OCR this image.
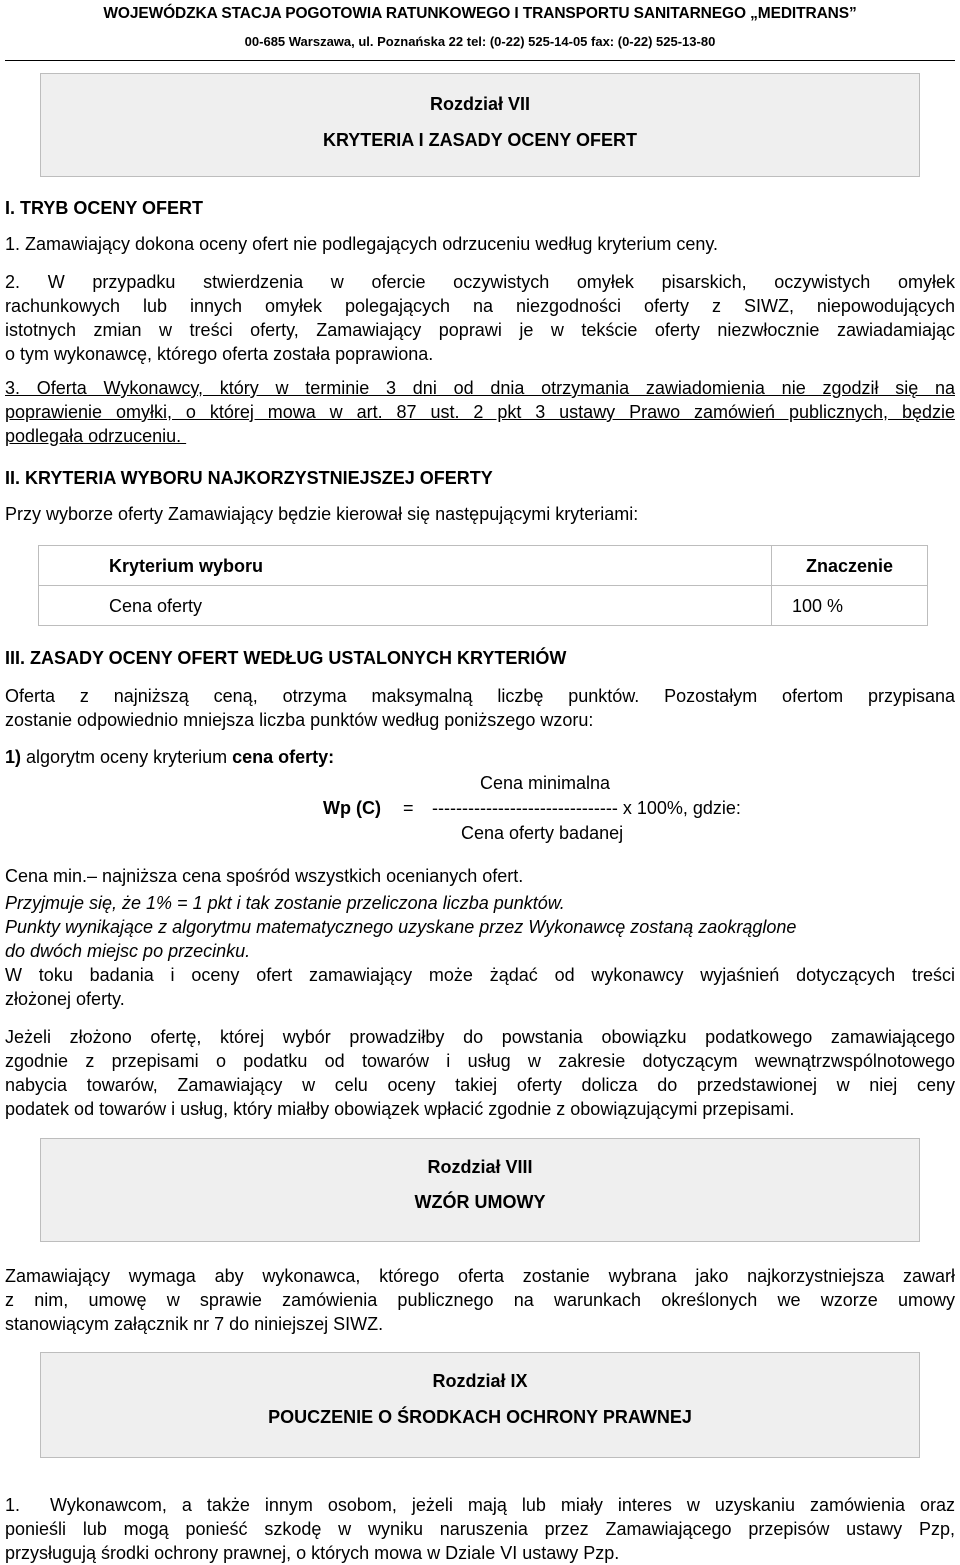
WOJEWÓDZKA STACJA POGOTOWIA RATUNKOWEGO I TRANSPORTU SANITARNEGO „MEDITRANS”
00-685 Warszawa, ul. Poznańska 22 tel: (0-22) 525-14-05 fax: (0-22) 525-13-80

Rozdział VII

KRYTERIA I ZASADY OCENY OFERT

I. TRYB OCENY OFERT

1. Zamawiający dokona oceny ofert nie podlegających odrzuceniu według kryterium ceny.

2. W przypadku stwierdzenia w ofercie oczywistych omyłek pisarskich, oczywistych omyłek

rachunkowych lub innych omyłek polegających na niezgodności oferty z SIWZ, niepowodujących

istotnych zmian w treści oferty, Zamawiający poprawi je w tekście oferty niezwłocznie zawiadamiając

o tym wykonawcę, którego oferta została poprawiona.

3. Oferta Wykonawcy, który w terminie 3 dni od dnia otrzymania zawiadomienia nie zgodził się na

poprawienie omyłki, o której mowa w art. 87 ust. 2 pkt 3 ustawy Prawo zamówień publicznych, będzie

podlegała odrzuceniu.

II. KRYTERIA WYBORU NAJKORZYSTNIEJSZEJ OFERTY

Przy wyborze oferty Zamawiający będzie kierował się następującymi kryteriami:

Kryterium wyboru	Znaczenie
Cena oferty	100 %

III. ZASADY OCENY OFERT WEDŁUG USTALONYCH KRYTERIÓW

Oferta z najniższą ceną, otrzyma maksymalną liczbę punktów. Pozostałym ofertom przypisana

zostanie odpowiednio mniejsza liczba punktów według poniższego wzoru:

1) algorytm oceny kryterium cena oferty:

Cena minimalna
Wp (C) = ------------------------------- x 100%, gdzie:
Cena oferty badanej

Cena min.– najniższa cena spośród wszystkich ocenianych ofert.

Przyjmuje się, że 1% = 1 pkt i tak zostanie przeliczona liczba punktów.

Punkty wynikające z algorytmu matematycznego uzyskane przez Wykonawcę zostaną zaokrąglone

do dwóch miejsc po przecinku.

W toku badania i oceny ofert zamawiający może żądać od wykonawcy wyjaśnień dotyczących treści

złożonej oferty.

Jeżeli złożono ofertę, której wybór prowadziłby do powstania obowiązku podatkowego zamawiającego

zgodnie z przepisami o podatku od towarów i usług w zakresie dotyczącym wewnątrzwspólnotowego

nabycia towarów, Zamawiający w celu oceny takiej oferty dolicza do przedstawionej w niej ceny

podatek od towarów i usług, który miałby obowiązek wpłacić zgodnie z obowiązującymi przepisami.

Rozdział VIII

WZÓR UMOWY

Zamawiający wymaga aby wykonawca, którego oferta zostanie wybrana jako najkorzystniejsza zawarł

z nim, umowę w sprawie zamówienia publicznego na warunkach określonych we wzorze umowy

stanowiącym załącznik nr 7 do niniejszej SIWZ.

Rozdział IX

POUCZENIE O ŚRODKACH OCHRONY PRAWNEJ

1.  Wykonawcom, a także innym osobom, jeżeli mają lub miały interes w uzyskaniu zamówienia oraz

ponieśli lub mogą ponieść szkodę w wyniku naruszenia przez Zamawiającego przepisów ustawy Pzp,

przysługują środki ochrony prawnej, o których mowa w Dziale VI ustawy Pzp.
